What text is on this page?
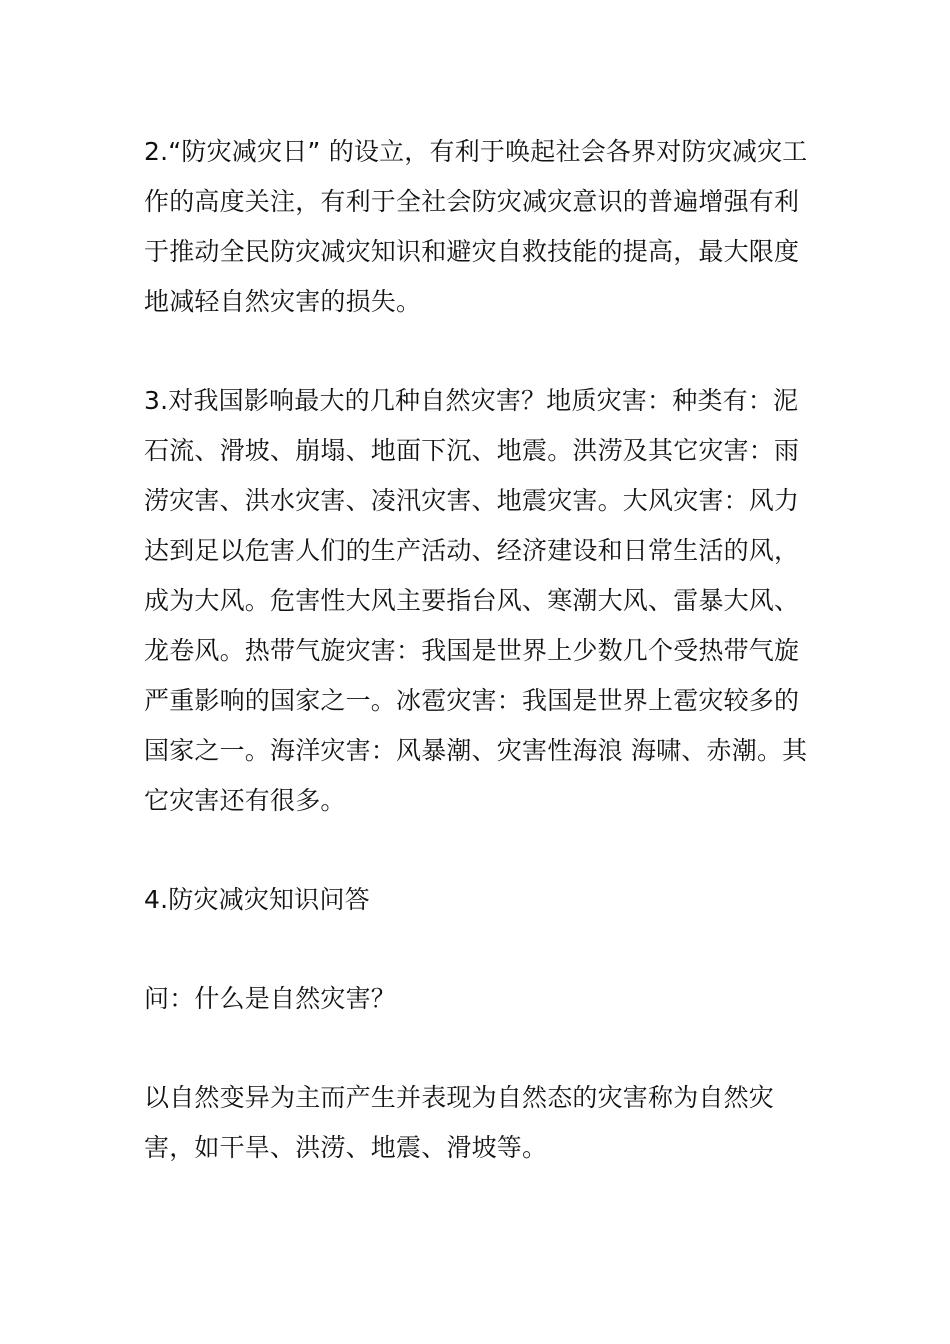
2.“防灾减灾日” 的设立，有利于唤起社会各界对防灾减灾工作的高度关注，有利于全社会防灾减灾意识的普遍增强有利于推动全民防灾减灾知识和避灾自救技能的提高，最大限度地减轻自然灾害的损失。

3.对我国影响最大的几种自然灾害？地质灾害：种类有：泥石流、滑坡、崩塌、地面下沉、地震。洪涝及其它灾害：雨涝灾害、洪水灾害、凌汛灾害、地震灾害。大风灾害：风力达到足以危害人们的生产活动、经济建设和日常生活的风，成为大风。危害性大风主要指台风、寒潮大风、雷暴大风、龙卷风。热带气旋灾害：我国是世界上少数几个受热带气旋严重影响的国家之一。冰雹灾害：我国是世界上雹灾较多的国家之一。海洋灾害：风暴潮、灾害性海浪 海啸、赤潮。其它灾害还有很多。

4.防灾减灾知识问答

问：什么是自然灾害？

以自然变异为主而产生并表现为自然态的灾害称为自然灾害，如干旱、洪涝、地震、滑坡等。
